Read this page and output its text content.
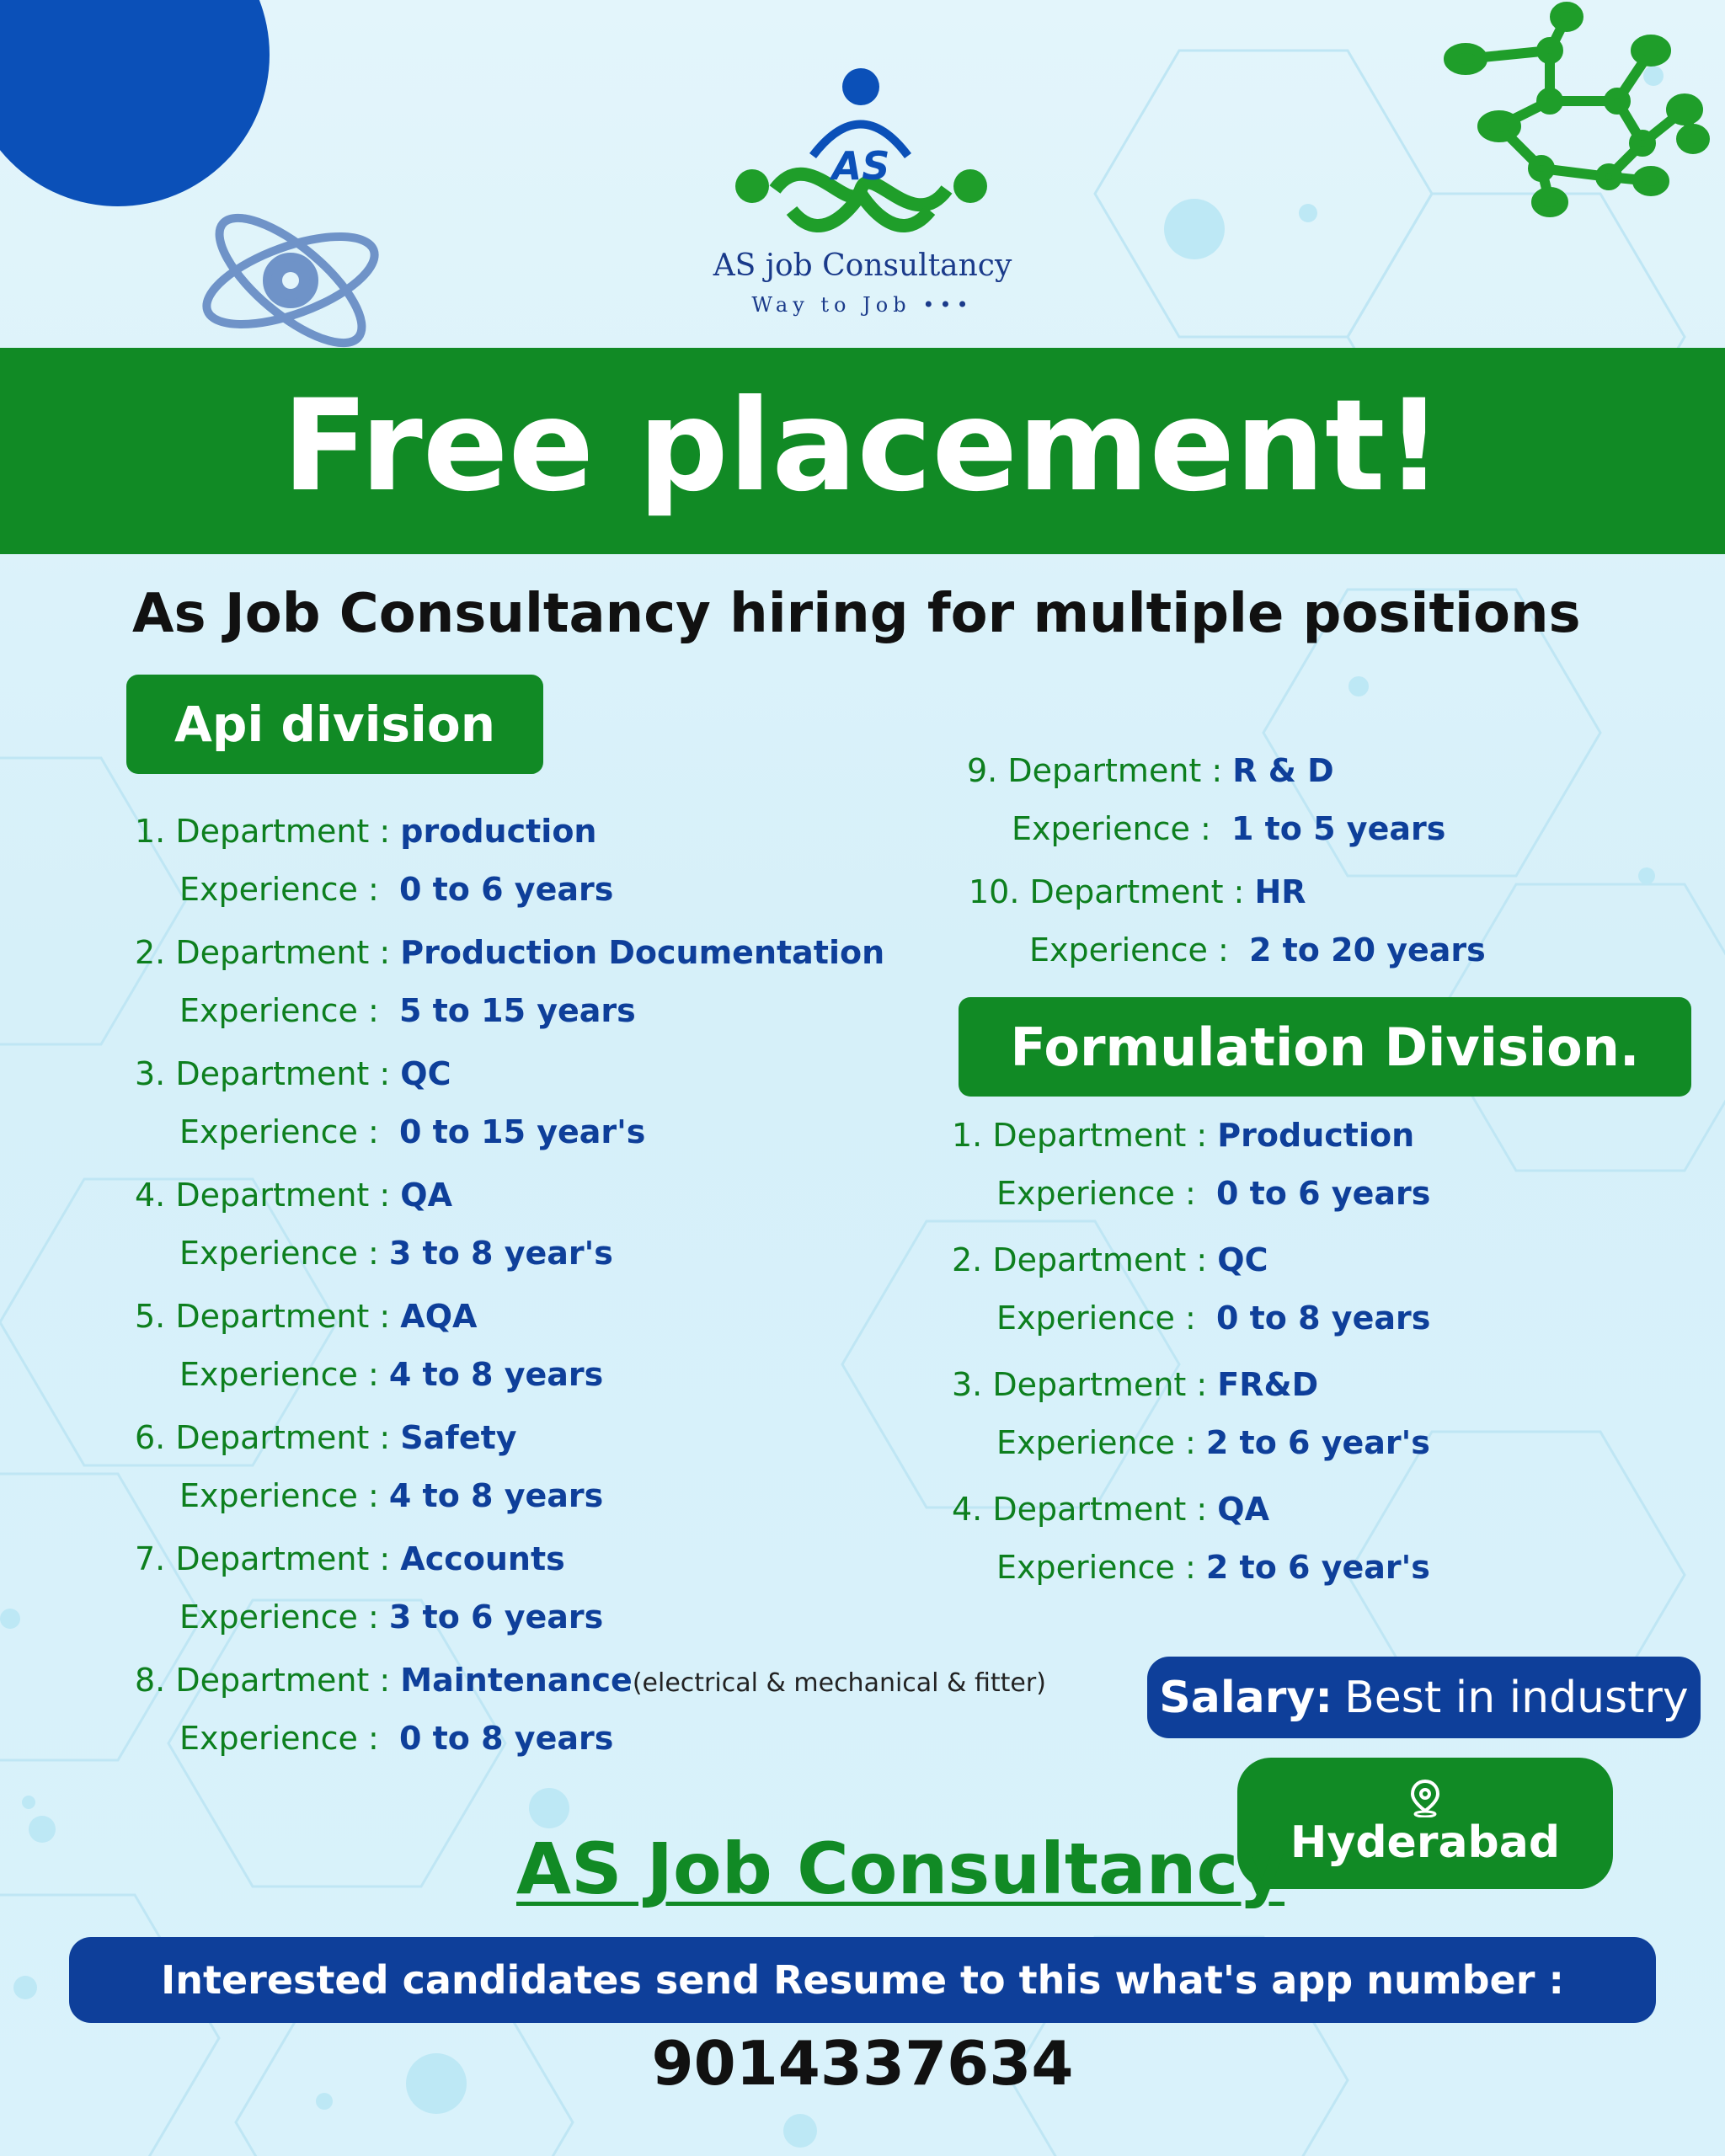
AS
AS job Consultancy
Way to Job •••
Free placement!
As Job Consultancy hiring for multiple positions
Api division
Formulation Division.
1. Department : production
Experience : 0 to 6 years
2. Department : Production Documentation
Experience : 5 to 15 years
3. Department : QC
Experience : 0 to 15 year's
4. Department : QA
Experience : 3 to 8 year's
5. Department : AQA
Experience : 4 to 8 years
6. Department : Safety
Experience : 4 to 8 years
7. Department : Accounts
Experience : 3 to 6 years
8. Department : Maintenance(electrical & mechanical & fitter)
Experience : 0 to 8 years
9. Department : R & D
Experience : 1 to 5 years
10. Department : HR
Experience : 2 to 20 years
1. Department : Production
Experience : 0 to 6 years
2. Department : QC
Experience : 0 to 8 years
3. Department : FR&D
Experience : 2 to 6 year's
4. Department : QA
Experience : 2 to 6 year's
Salary: Best in industry
Hyderabad
AS Job Consultancy
Interested candidates send Resume to this what's app number :
9014337634
